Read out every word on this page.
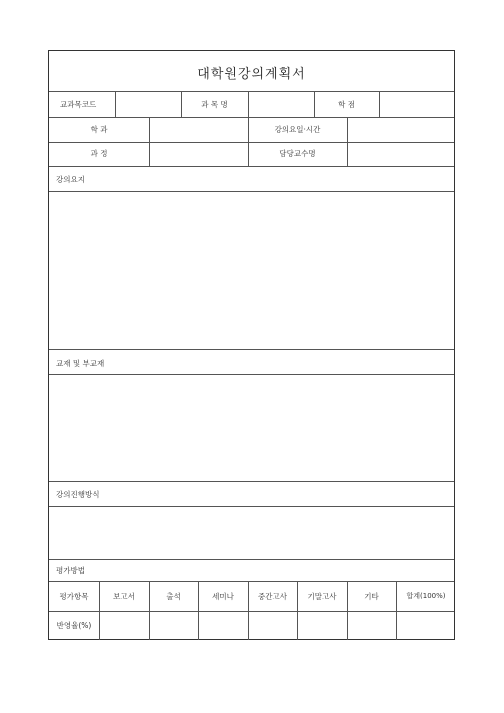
대학원강의계획서
교과목코드	과 목 명	학 점
학 과	강의요일·시간
과 정	담당교수명
강의요지
교재 및 부교재
강의진행방식
평가방법
평가항목	보고서	출석	세미나	중간고사	기말고사	기타	합계(100%)
반영율(%)
